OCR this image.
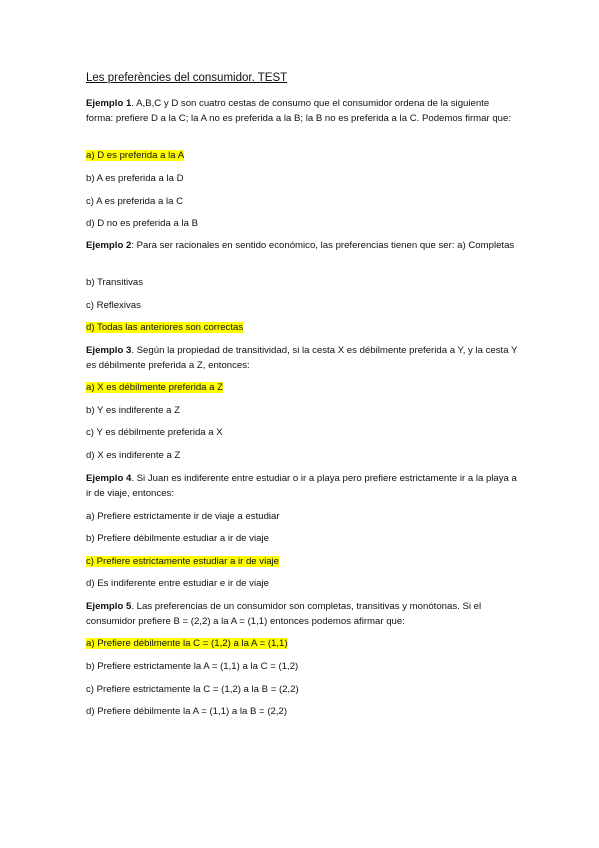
Les preferències del consumidor. TEST
Ejemplo 1. A,B,C y D son cuatro cestas de consumo que el consumidor ordena de la siguiente forma: prefiere D a la C; la A no es preferida a la B; la B no es preferida a la C. Podemos firmar que:
a) D es preferida a la A
b) A es preferida a la D
c) A es preferida a la C
d) D no es preferida a la B
Ejemplo 2: Para ser racionales en sentido económico, las preferencias tienen que ser: a) Completas
b) Transitivas
c) Reflexivas
d) Todas las anteriores son correctas
Ejemplo 3. Según la propiedad de transitividad, si la cesta X es débilmente preferida a Y, y la cesta Y es débilmente preferida a Z, entonces:
a) X es débilmente preferida a Z
b) Y es indiferente a Z
c) Y es débilmente preferida a X
d) X es indiferente a Z
Ejemplo 4. Si Juan es indiferente entre estudiar o ir a playa pero prefiere estrictamente ir a la playa a ir de viaje, entonces:
a) Prefiere estrictamente ir de viaje a estudiar
b) Prefiere débilmente estudiar a ir de viaje
c) Prefiere estrictamente estudiar a ir de viaje
d) Es indiferente entre estudiar e ir de viaje
Ejemplo 5. Las preferencias de un consumidor son completas, transitivas y monótonas. Si el consumidor prefiere B = (2,2) a la A = (1,1) entonces podemos afirmar que:
a) Prefiere débilmente la C = (1,2) a la A = (1,1)
b) Prefiere estrictamente la A = (1,1) a la C = (1,2)
c) Prefiere estrictamente la C = (1,2) a la B = (2,2)
d) Prefiere débilmente la A = (1,1) a la B = (2,2)
